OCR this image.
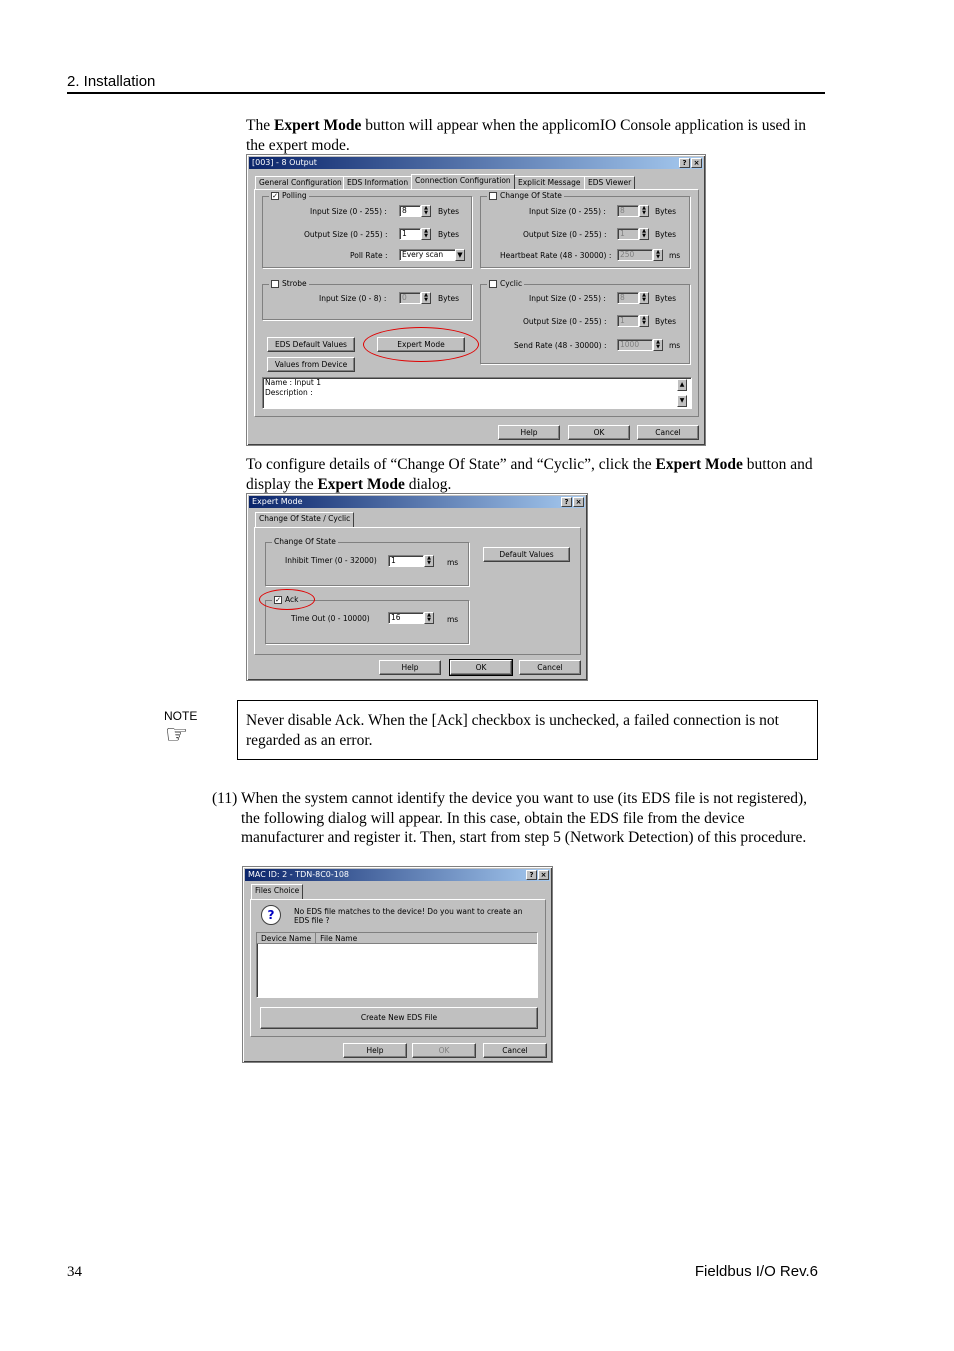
2. Installation
The Expert Mode button will appear when the applicomIO Console application is used in the expert mode.
[003] - 8 Output	?	×
General Configuration EDS Information Connection Configuration Explicit Message EDS Viewer
✓ Polling
Input Size (0 - 255) :	8	▲
▼	Bytes
Output Size (0 - 255) :	1	▲
▼	Bytes
Poll Rate :	Every scan	▼
Change Of State
Input Size (0 - 255) :	8	▲
▼	Bytes
Output Size (0 - 255) :	1	▲
▼	Bytes
Heartbeat Rate (48 - 30000) :	250	▲
▼	ms
Strobe
Input Size (0 - 8) :	0	▲
▼	Bytes
Cyclic
Input Size (0 - 255) :	8	▲
▼	Bytes
Output Size (0 - 255) :	1	▲
▼	Bytes
Send Rate (48 - 30000) :	1000	▲
▼	ms
EDS Default Values
Values from Device
Expert Mode
Name : Input 1
Description :
▲
▼
Help	OK	Cancel
To configure details of “Change Of State” and “Cyclic”, click the Expert Mode button and display the Expert Mode dialog.
Expert Mode	?	×
Change Of State / Cyclic
Change Of State
Inhibit Timer (0 - 32000)	1	▲
▼	ms
Default Values
✓ Ack
Time Out (0 - 10000)	16	▲
▼	ms
Help	OK	Cancel
NOTE
☞	Never disable Ack. When the [Ack] checkbox is unchecked, a failed connection is not regarded as an error.
(11) When the system cannot identify the device you want to use (its EDS file is not registered), the following dialog will appear. In this case, obtain the EDS file from the device manufacturer and register it. Then, start from step 5 (Network Detection) of this procedure.
MAC ID: 2 - TDN-8C0-108	?	×
Files Choice
?	No EDS file matches to the device! Do you want to create an EDS file ?
Device Name	File Name
Create New EDS File
Help	OK	Cancel
34	Fieldbus I/O Rev.6
